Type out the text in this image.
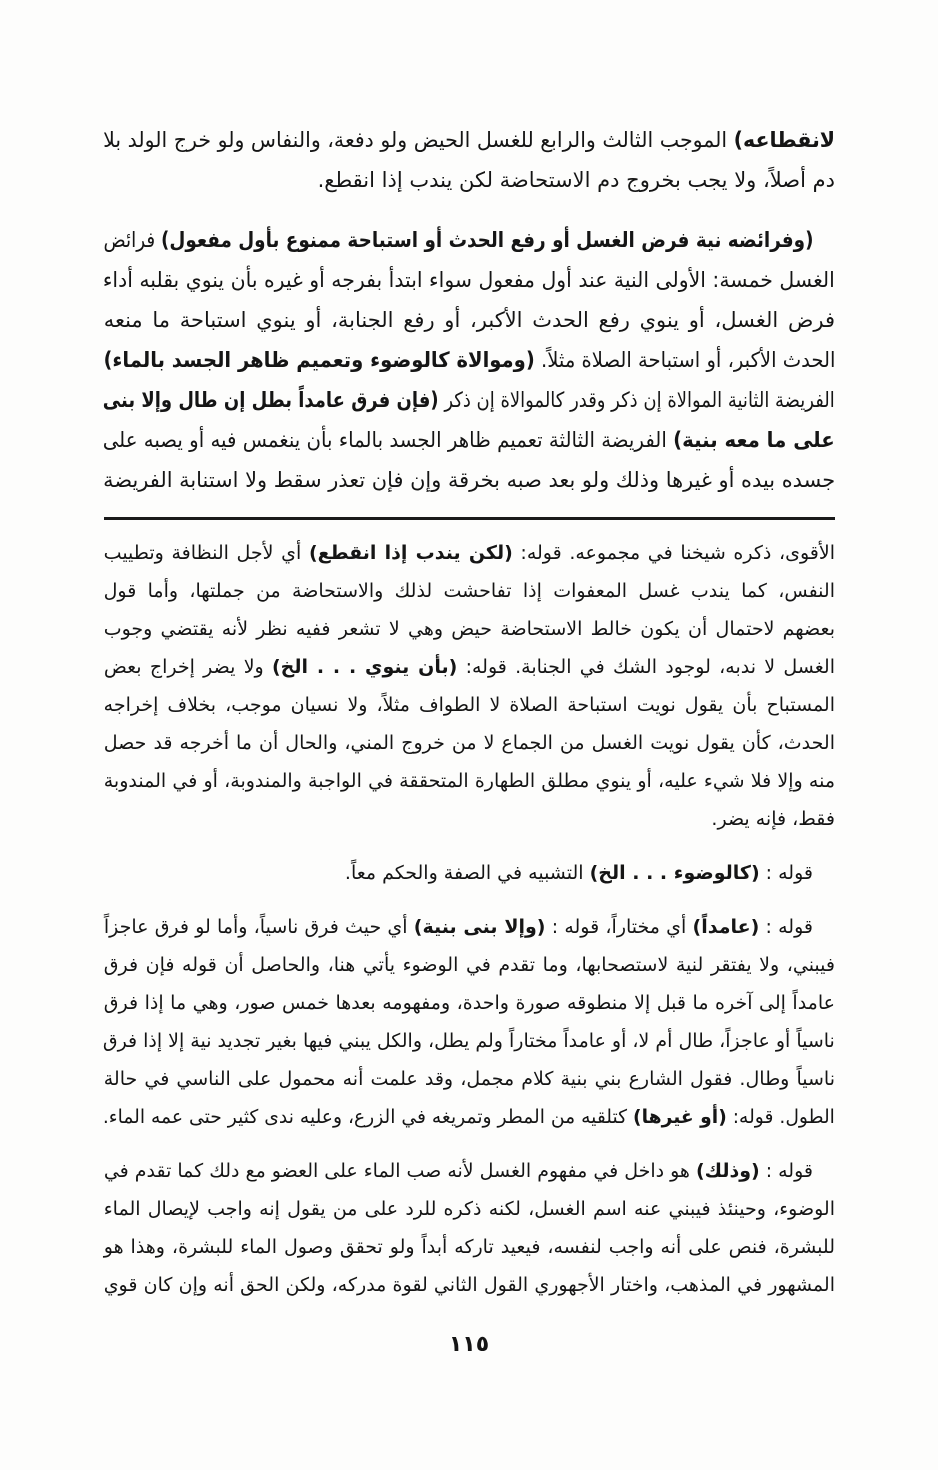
لانقطاعه) الموجب الثالث والرابع للغسل الحيض ولو دفعة، والنفاس ولو خرج الولد بلا
دم أصلاً، ولا يجب بخروج دم الاستحاضة لكن يندب إذا انقطع.
(وفرائضه نية فرض الغسل أو رفع الحدث أو استباحة ممنوع بأول مفعول) فرائض
الغسل خمسة: الأولى النية عند أول مفعول سواء ابتدأ بفرجه أو غيره بأن ينوي بقلبه أداء
فرض الغسل، أو ينوي رفع الحدث الأكبر، أو رفع الجنابة، أو ينوي استباحة ما منعه
الحدث الأكبر، أو استباحة الصلاة مثلاً. (وموالاة كالوضوء وتعميم ظاهر الجسد بالماء)
الفريضة الثانية الموالاة إن ذكر وقدر كالموالاة إن ذكر (فإن فرق عامداً بطل إن طال وإلا بنى
على ما معه بنية) الفريضة الثالثة تعميم ظاهر الجسد بالماء بأن ينغمس فيه أو يصبه على
جسده بيده أو غيرها وذلك ولو بعد صبه بخرقة وإن فإن تعذر سقط ولا استنابة الفريضة
الأقوى، ذكره شيخنا في مجموعه. قوله: (لكن يندب إذا انقطع) أي لأجل النظافة وتطييب
النفس، كما يندب غسل المعفوات إذا تفاحشت لذلك والاستحاضة من جملتها، وأما قول
بعضهم لاحتمال أن يكون خالط الاستحاضة حيض وهي لا تشعر ففيه نظر لأنه يقتضي وجوب
الغسل لا ندبه، لوجود الشك في الجنابة. قوله: (بأن ينوي . . . الخ) ولا يضر إخراج بعض
المستباح بأن يقول نويت استباحة الصلاة لا الطواف مثلاً، ولا نسيان موجب، بخلاف إخراجه
الحدث، كأن يقول نويت الغسل من الجماع لا من خروج المني، والحال أن ما أخرجه قد حصل
منه وإلا فلا شيء عليه، أو ينوي مطلق الطهارة المتحققة في الواجبة والمندوبة، أو في المندوبة
فقط، فإنه يضر.
قوله : (كالوضوء . . . الخ) التشبيه في الصفة والحكم معاً.
قوله : (عامداً) أي مختاراً، قوله : (وإلا بنى بنية) أي حيث فرق ناسياً، وأما لو فرق عاجزاً
فيبني، ولا يفتقر لنية لاستصحابها، وما تقدم في الوضوء يأتي هنا، والحاصل أن قوله فإن فرق
عامداً إلى آخره ما قبل إلا منطوقه صورة واحدة، ومفهومه بعدها خمس صور، وهي ما إذا فرق
ناسياً أو عاجزاً، طال أم لا، أو عامداً مختاراً ولم يطل، والكل يبني فيها بغير تجديد نية إلا إذا فرق
ناسياً وطال. فقول الشارع بني بنية كلام مجمل، وقد علمت أنه محمول على الناسي في حالة
الطول. قوله: (أو غيرها) كتلقيه من المطر وتمريغه في الزرع، وعليه ندى كثير حتى عمه الماء.
قوله : (وذلك) هو داخل في مفهوم الغسل لأنه صب الماء على العضو مع دلك كما تقدم في
الوضوء، وحينئذ فيبني عنه اسم الغسل، لكنه ذكره للرد على من يقول إنه واجب لإيصال الماء
للبشرة، فنص على أنه واجب لنفسه، فيعيد تاركه أبداً ولو تحقق وصول الماء للبشرة، وهذا هو
المشهور في المذهب، واختار الأجهوري القول الثاني لقوة مدركه، ولكن الحق أنه وإن كان قوي
١١٥
